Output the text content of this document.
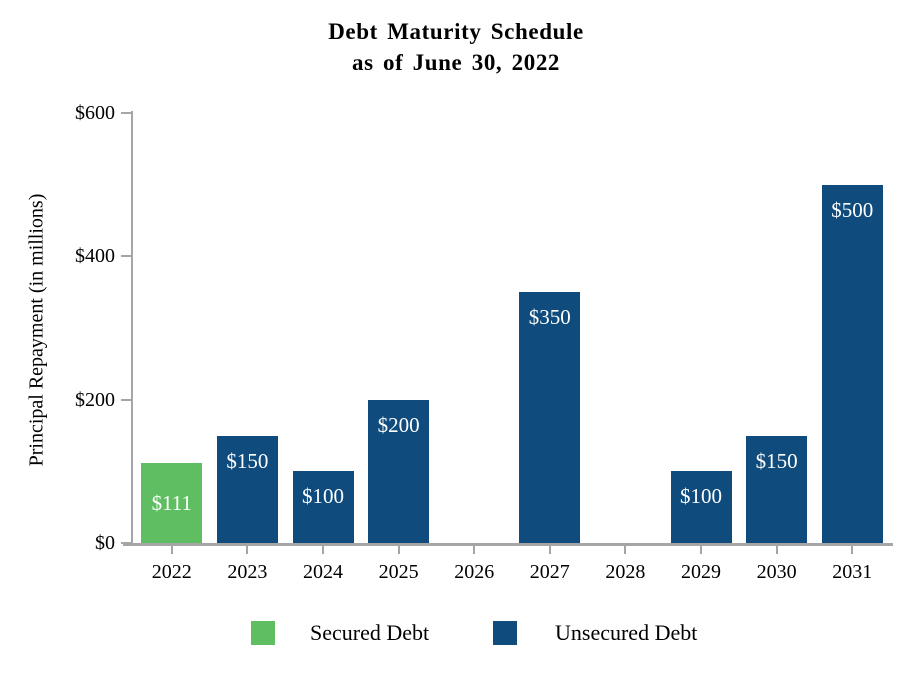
Debt Maturity Schedule
as of June 30, 2022
Principal Repayment (in millions)
$0
$200
$400
$600
2022	2023	2024	2025	2026	2027	2028	2029	2030	2031
$111
$150
$100
$200
$350
$100
$150
$500
Secured Debt	Unsecured Debt
